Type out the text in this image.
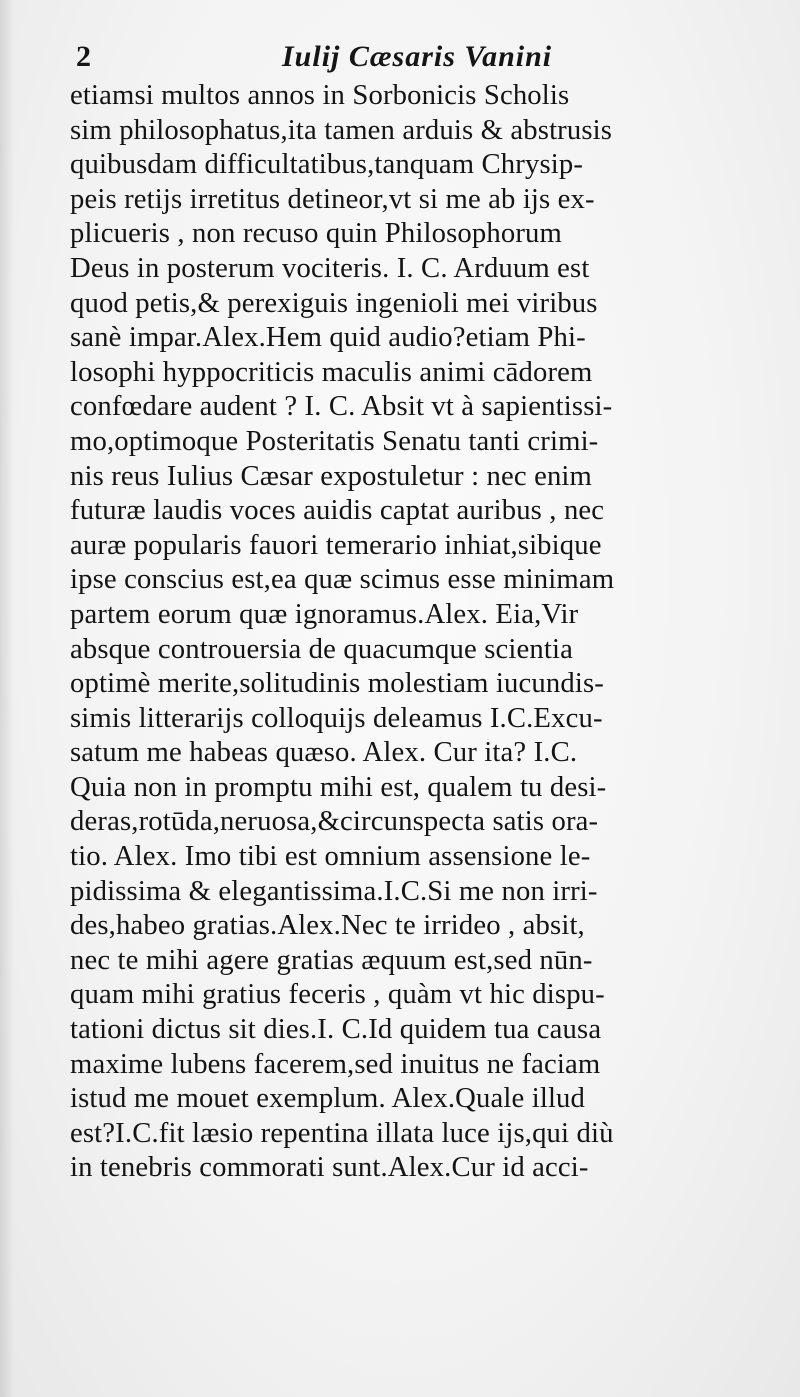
2	Iulij Cæsaris Vanini
etiamsi multos annos in Sorbonicis Scholis
sim philosophatus,ita tamen arduis & abstrusis
quibusdam difficultatibus,tanquam Chrysip-
peis retijs irretitus detineor,vt si me ab ijs ex-
plicueris , non recuso quin Philosophorum
Deus in posterum vociteris. I. C. Arduum est
quod petis,& perexiguis ingenioli mei viribus
sanè impar.Alex.Hem quid audio?etiam Phi-
losophi hyppocriticis maculis animi cādorem
confœdare audent ? I. C. Absit vt à sapientissi-
mo,optimoque Posteritatis Senatu tanti crimi-
nis reus Iulius Cæsar expostuletur : nec enim
futuræ laudis voces auidis captat auribus , nec
auræ popularis fauori temerario inhiat,sibique
ipse conscius est,ea quæ scimus esse minimam
partem eorum quæ ignoramus.Alex. Eia,Vir
absque controuersia de quacumque scientia
optimè merite,solitudinis molestiam iucundis-
simis litterarijs colloquijs deleamus I.C.Excu-
satum me habeas quæso. Alex. Cur ita? I.C.
Quia non in promptu mihi est, qualem tu desi-
deras,rotūda,neruosa,&circunspecta satis ora-
tio. Alex. Imo tibi est omnium assensione le-
pidissima & elegantissima.I.C.Si me non irri-
des,habeo gratias.Alex.Nec te irrideo , absit,
nec te mihi agere gratias æquum est,sed nūn-
quam mihi gratius feceris , quàm vt hic dispu-
tationi dictus sit dies.I. C.Id quidem tua causa
maxime lubens facerem,sed inuitus ne faciam
istud me mouet exemplum. Alex.Quale illud
est?I.C.fit læsio repentina illata luce ijs,qui diù
in tenebris commorati sunt.Alex.Cur id acci-
